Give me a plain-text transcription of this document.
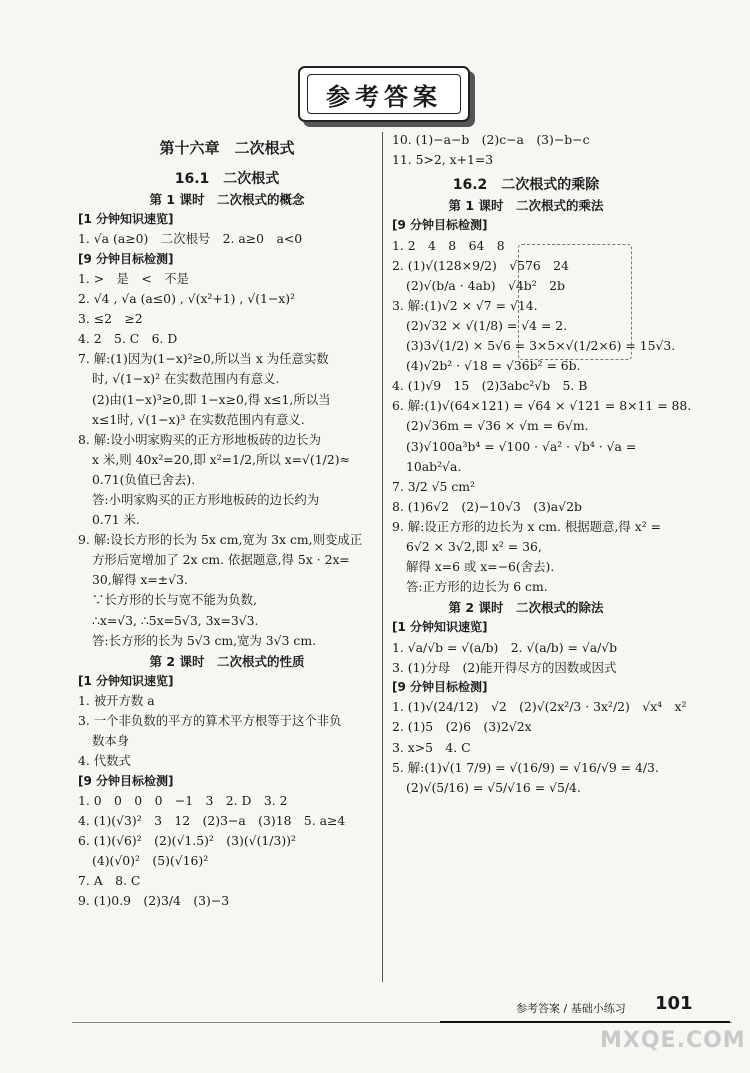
参考答案
第十六章　二次根式
16.1　二次根式
第 1 课时　二次根式的概念
[1 分钟知识速览]
1. √a (a≥0)　二次根号　2. a≥0　a<0
[9 分钟目标检测]
1. >　是　<　不是
2. √4 , √a (a≤0) , √(x²+1) , √(1−x)²
3. ≤2　≥2
4. 2　5. C　6. D
7. 解:(1)因为(1−x)²≥0,所以当 x 为任意实数
时, √(1−x)² 在实数范围内有意义.
(2)由(1−x)³≥0,即 1−x≥0,得 x≤1,所以当
x≤1时, √(1−x)³ 在实数范围内有意义.
8. 解:设小明家购买的正方形地板砖的边长为
x 米,则 40x²=20,即 x²=1/2,所以 x=√(1/2)≈
0.71(负值已舍去).
答:小明家购买的正方形地板砖的边长约为
0.71 米.
9. 解:设长方形的长为 5x cm,宽为 3x cm,则变成正
方形后宽增加了 2x cm. 依据题意,得 5x · 2x=
30,解得 x=±√3.
∵长方形的长与宽不能为负数,
∴x=√3, ∴5x=5√3, 3x=3√3.
答:长方形的长为 5√3 cm,宽为 3√3 cm.
第 2 课时　二次根式的性质
[1 分钟知识速览]
1. 被开方数 a
3. 一个非负数的平方的算术平方根等于这个非负
数本身
4. 代数式
[9 分钟目标检测]
1. 0　0　0　0　−1　3　2. D　3. 2
4. (1)(√3)²　3　12　(2)3−a　(3)18　5. a≥4
6. (1)(√6)²　(2)(√1.5)²　(3)(√(1/3))²
(4)(√0)²　(5)(√16)²
7. A　8. C
9. (1)0.9　(2)3/4　(3)−3
10. (1)−a−b　(2)c−a　(3)−b−c
11. 5>2, x+1=3
16.2　二次根式的乘除
第 1 课时　二次根式的乘法
[9 分钟目标检测]
1. 2　4　8　64　8
2. (1)√(128×9/2)　√576　24
(2)√(b/a · 4ab)　√4b²　2b
3. 解:(1)√2 × √7 = √14.
(2)√32 × √(1/8) = √4 = 2.
(3)3√(1/2) × 5√6 = 3×5×√(1/2×6) = 15√3.
(4)√2b² · √18 = √36b² = 6b.
4. (1)√9　15　(2)3abc²√b　5. B
6. 解:(1)√(64×121) = √64 × √121 = 8×11 = 88.
(2)√36m = √36 × √m = 6√m.
(3)√100a³b⁴ = √100 · √a² · √b⁴ · √a =
10ab²√a.
7. 3/2 √5 cm²
8. (1)6√2　(2)−10√3　(3)a√2b
9. 解:设正方形的边长为 x cm. 根据题意,得 x² =
6√2 × 3√2,即 x² = 36,
解得 x=6 或 x=−6(舍去).
答:正方形的边长为 6 cm.
第 2 课时　二次根式的除法
[1 分钟知识速览]
1. √a/√b = √(a/b)　2. √(a/b) = √a/√b
3. (1)分母　(2)能开得尽方的因数或因式
[9 分钟目标检测]
1. (1)√(24/12)　√2　(2)√(2x²/3 · 3x²/2)　√x⁴　x²
2. (1)5　(2)6　(3)2√2x
3. x>5　4. C
5. 解:(1)√(1 7/9) = √(16/9) = √16/√9 = 4/3.
(2)√(5/16) = √5/√16 = √5/4.
参考答案 / 基础小练习 101
MXQE.COM
